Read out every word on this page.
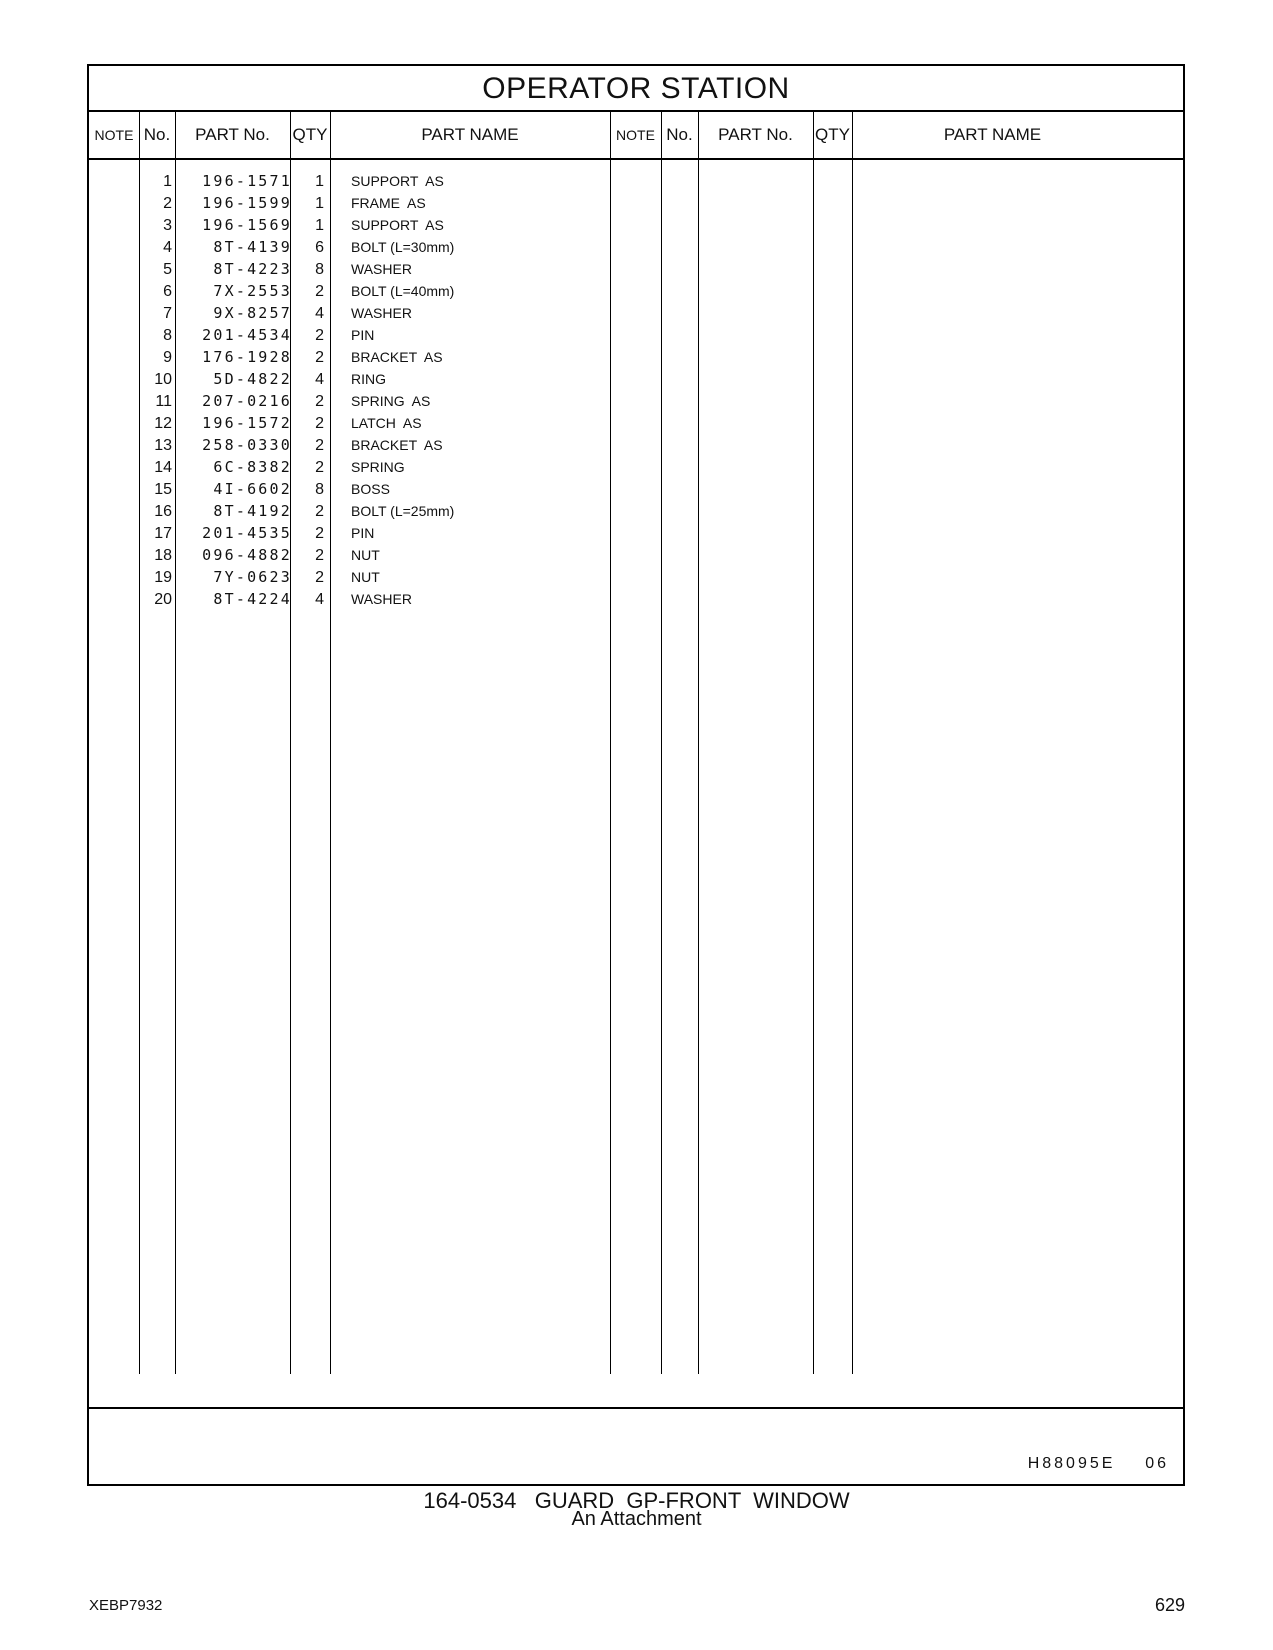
OPERATOR STATION
NOTE No.	PART No.	QTY	PART NAME	NOTE No.	PART No.	QTY	PART NAME
1	196-1571	1 SUPPORT  AS
2	196-1599	1 FRAME  AS
3	196-1569	1 SUPPORT  AS
4	8T-4139	6 BOLT (L=30mm)
5	8T-4223	8 WASHER
6	7X-2553	2 BOLT (L=40mm)
7	9X-8257	4 WASHER
8	201-4534	2 PIN
9	176-1928	2 BRACKET  AS
10	5D-4822	4 RING
11	207-0216	2 SPRING  AS
12	196-1572	2 LATCH  AS
13	258-0330	2 BRACKET  AS
14	6C-8382	2 SPRING
15	4I-6602	8 BOSS
16	8T-4192	2 BOLT (L=25mm)
17	201-4535	2 PIN
18	096-4882	2 NUT
19	7Y-0623	2 NUT
20	8T-4224	4 WASHER
H88095E    06
164-0534   GUARD  GP-FRONT  WINDOW
An Attachment
XEBP7932	629
